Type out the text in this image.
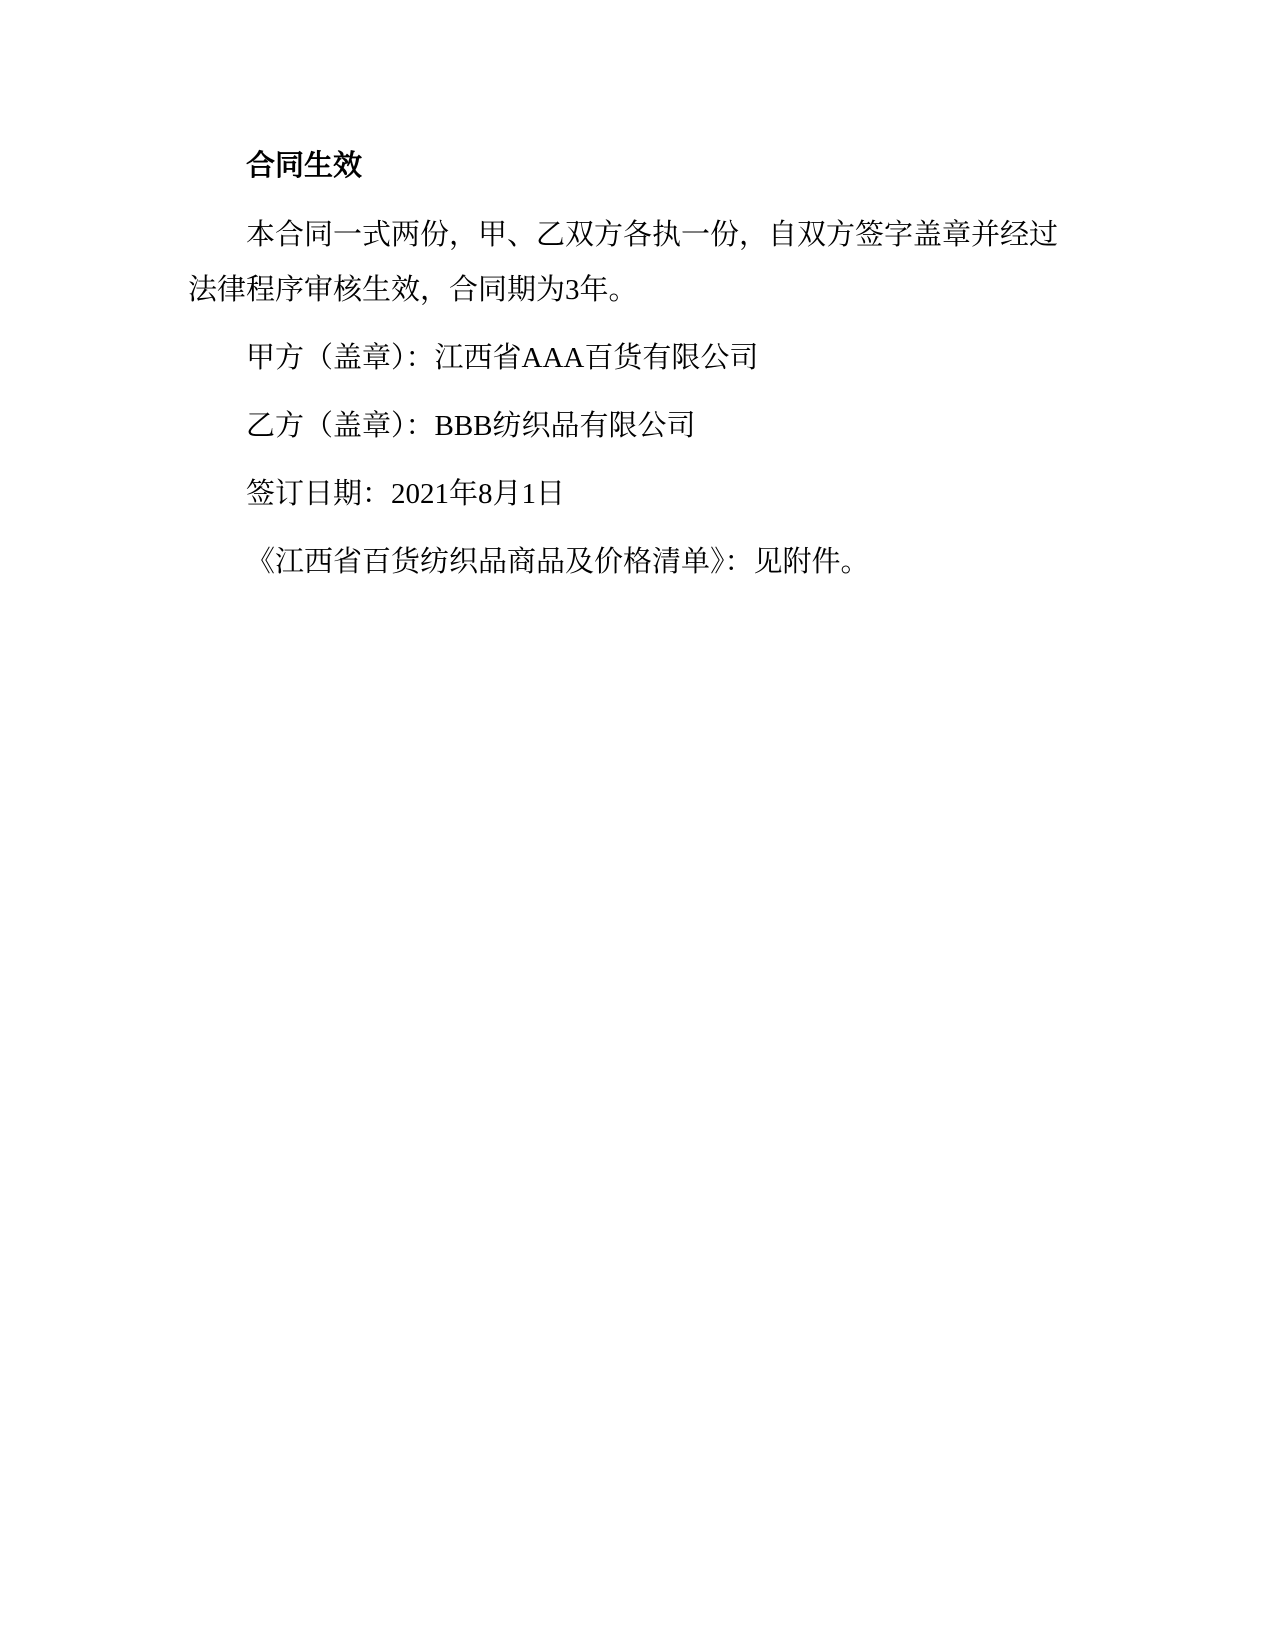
合同生效

本合同一式两份，甲、乙双方各执一份，自双方签字盖章并经过
法律程序审核生效，合同期为3年。

甲方（盖章）：江西省AAA百货有限公司

乙方（盖章）：BBB纺织品有限公司

签订日期：2021年8月1日

《江西省百货纺织品商品及价格清单》：见附件。
